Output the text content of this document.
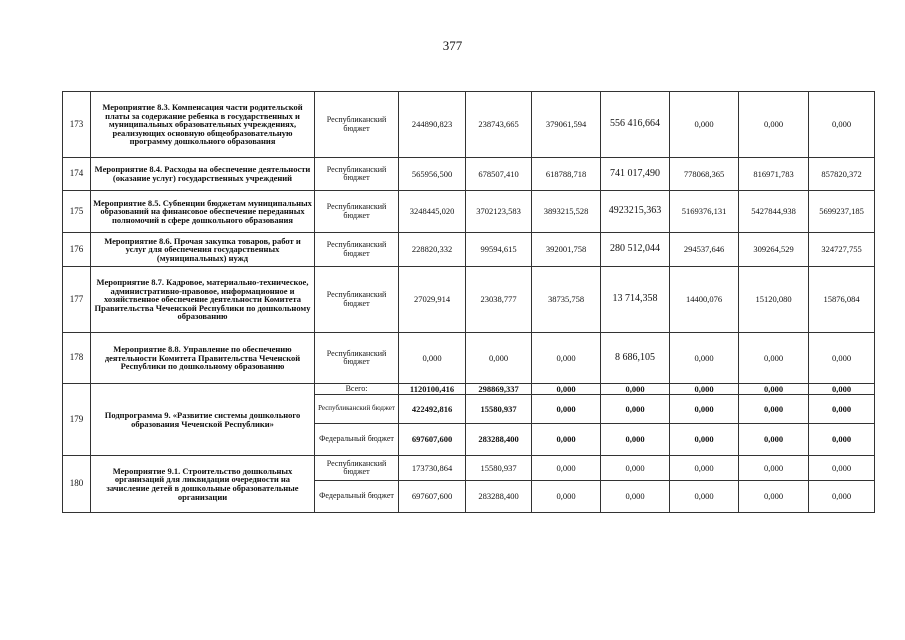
377
173	Мероприятие 8.3. Компенсация части родительской платы за содержание ребенка в государственных и муниципальных образовательных учреждениях, реализующих основную общеобразовательную программу дошкольного образования	Республиканский бюджет	244890,823	238743,665	379061,594	556 416,664	0,000	0,000	0,000
174	Мероприятие 8.4. Расходы на обеспечение деятельности (оказание услуг) государственных учреждений	Республиканский бюджет	565956,500	678507,410	618788,718	741 017,490	778068,365	816971,783	857820,372
175	Мероприятие 8.5. Субвенции бюджетам муниципальных образований на финансовое обеспечение переданных полномочий в сфере дошкольного образования	Республиканский бюджет	3248445,020	3702123,583	3893215,528	4923215,363	5169376,131	5427844,938	5699237,185
176	Мероприятие 8.6. Прочая закупка товаров, работ и услуг для обеспечения государственных (муниципальных) нужд	Республиканский бюджет	228820,332	99594,615	392001,758	280 512,044	294537,646	309264,529	324727,755
177	Мероприятие 8.7. Кадровое, материально-техническое, административно-правовое, информационное и хозяйственное обеспечение деятельности Комитета Правительства Чеченской Республики по дошкольному образованию	Республиканский бюджет	27029,914	23038,777	38735,758	13 714,358	14400,076	15120,080	15876,084
178	Мероприятие 8.8. Управление по обеспечению деятельности Комитета Правительства Чеченской Республики по дошкольному образованию	Республиканский бюджет	0,000	0,000	0,000	8 686,105	0,000	0,000	0,000
179	Подпрограмма 9. «Развитие системы дошкольного образования Чеченской Республики»	Всего:	1120100,416	298869,337	0,000	0,000	0,000	0,000	0,000
		Республиканский бюджет	422492,816	15580,937	0,000	0,000	0,000	0,000	0,000
		Федеральный бюджет	697607,600	283288,400	0,000	0,000	0,000	0,000	0,000
180	Мероприятие 9.1. Строительство дошкольных организаций для ликвидации очередности на зачисление детей в дошкольные образовательные организации	Республиканский бюджет	173730,864	15580,937	0,000	0,000	0,000	0,000	0,000
		Федеральный бюджет	697607,600	283288,400	0,000	0,000	0,000	0,000	0,000
